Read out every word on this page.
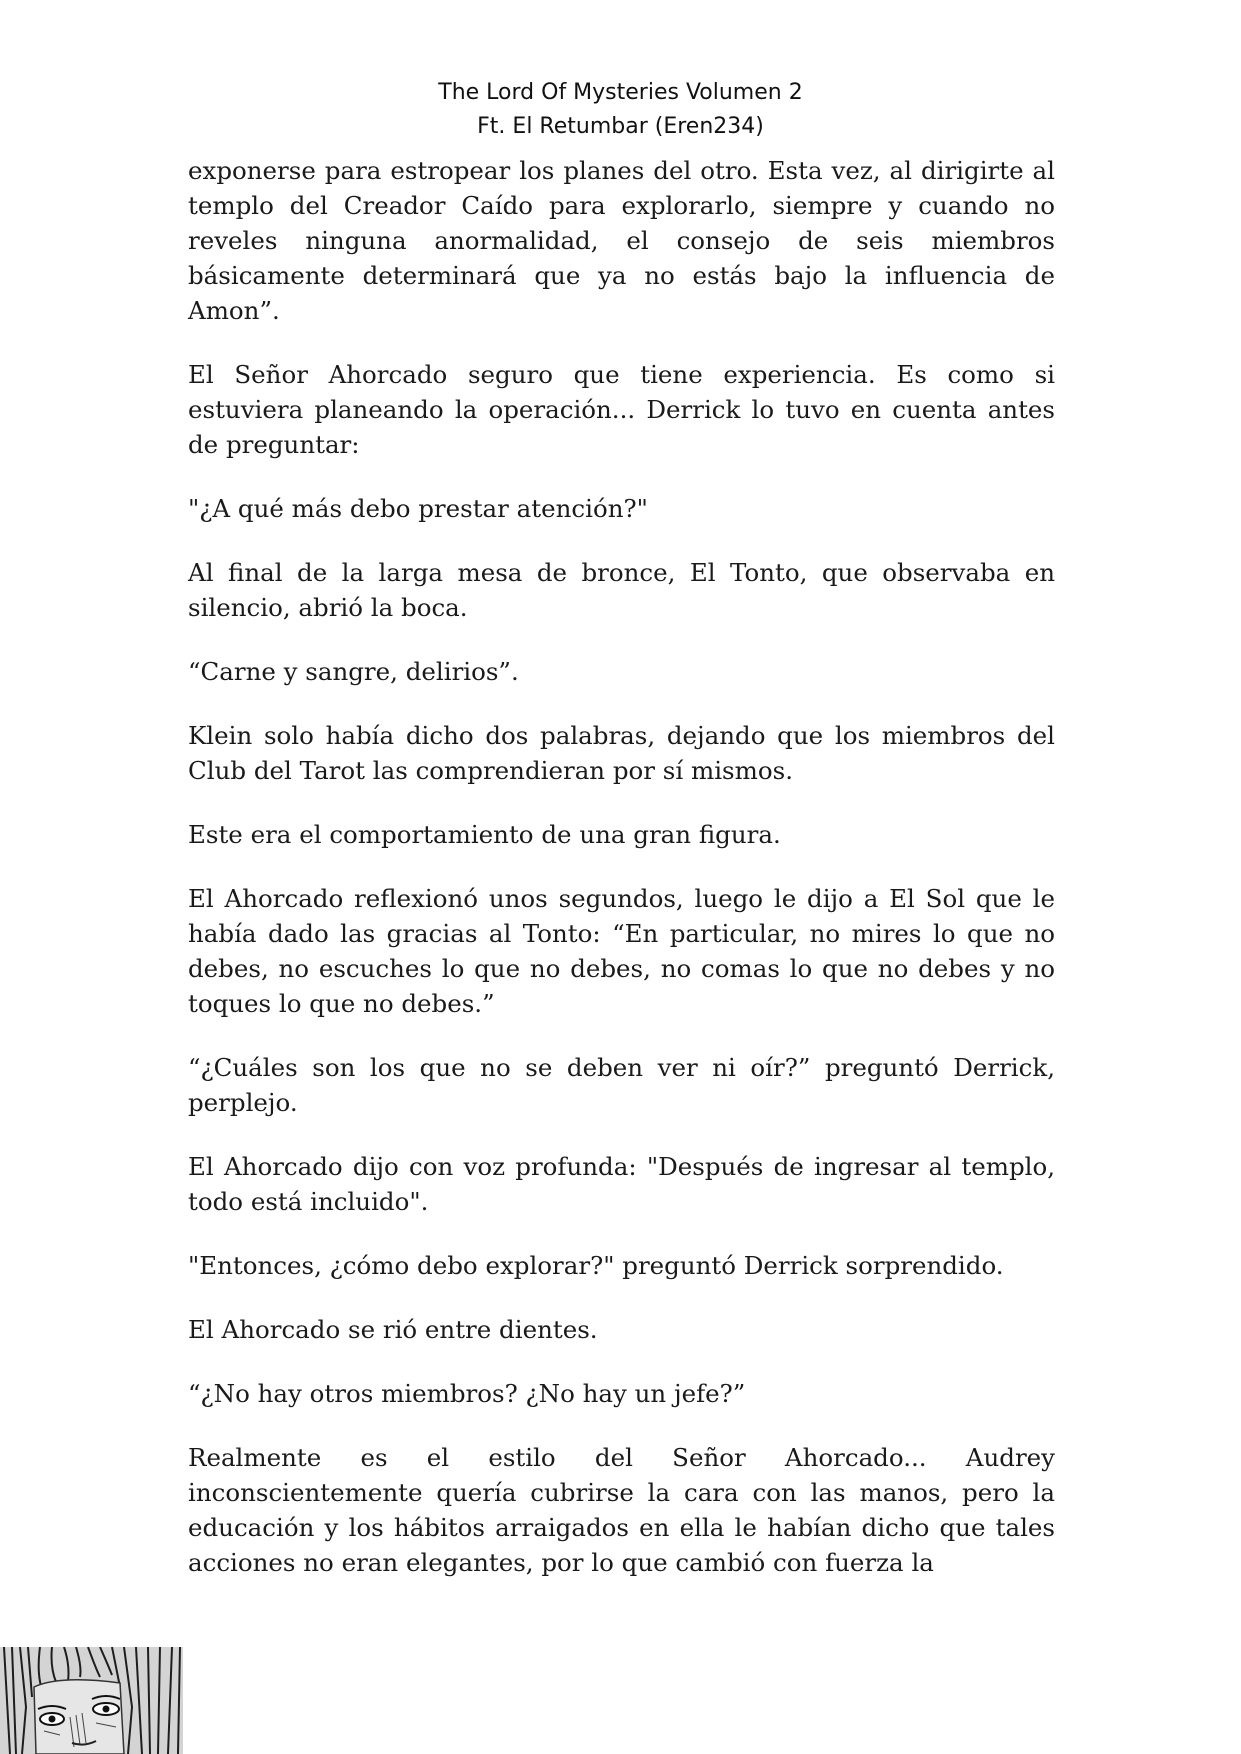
The Lord Of Mysteries Volumen 2
Ft. El Retumbar (Eren234)

exponerse para estropear los planes del otro. Esta vez, al dirigirte al templo del Creador Caído para explorarlo, siempre y cuando no reveles ninguna anormalidad, el consejo de seis miembros básicamente determinará que ya no estás bajo la influencia de Amon”.

El Señor Ahorcado seguro que tiene experiencia. Es como si estuviera planeando la operación... Derrick lo tuvo en cuenta antes de preguntar:

"¿A qué más debo prestar atención?"

Al final de la larga mesa de bronce, El Tonto, que observaba en silencio, abrió la boca.

“Carne y sangre, delirios”.

Klein solo había dicho dos palabras, dejando que los miembros del Club del Tarot las comprendieran por sí mismos.

Este era el comportamiento de una gran figura.

El Ahorcado reflexionó unos segundos, luego le dijo a El Sol que le había dado las gracias al Tonto: “En particular, no mires lo que no debes, no escuches lo que no debes, no comas lo que no debes y no toques lo que no debes.”

“¿Cuáles son los que no se deben ver ni oír?” preguntó Derrick, perplejo.

El Ahorcado dijo con voz profunda: "Después de ingresar al templo, todo está incluido".

"Entonces, ¿cómo debo explorar?" preguntó Derrick sorprendido.

El Ahorcado se rió entre dientes.

“¿No hay otros miembros? ¿No hay un jefe?”

Realmente es el estilo del Señor Ahorcado... Audrey inconscientemente quería cubrirse la cara con las manos, pero la educación y los hábitos arraigados en ella le habían dicho que tales acciones no eran elegantes, por lo que cambió con fuerza la
